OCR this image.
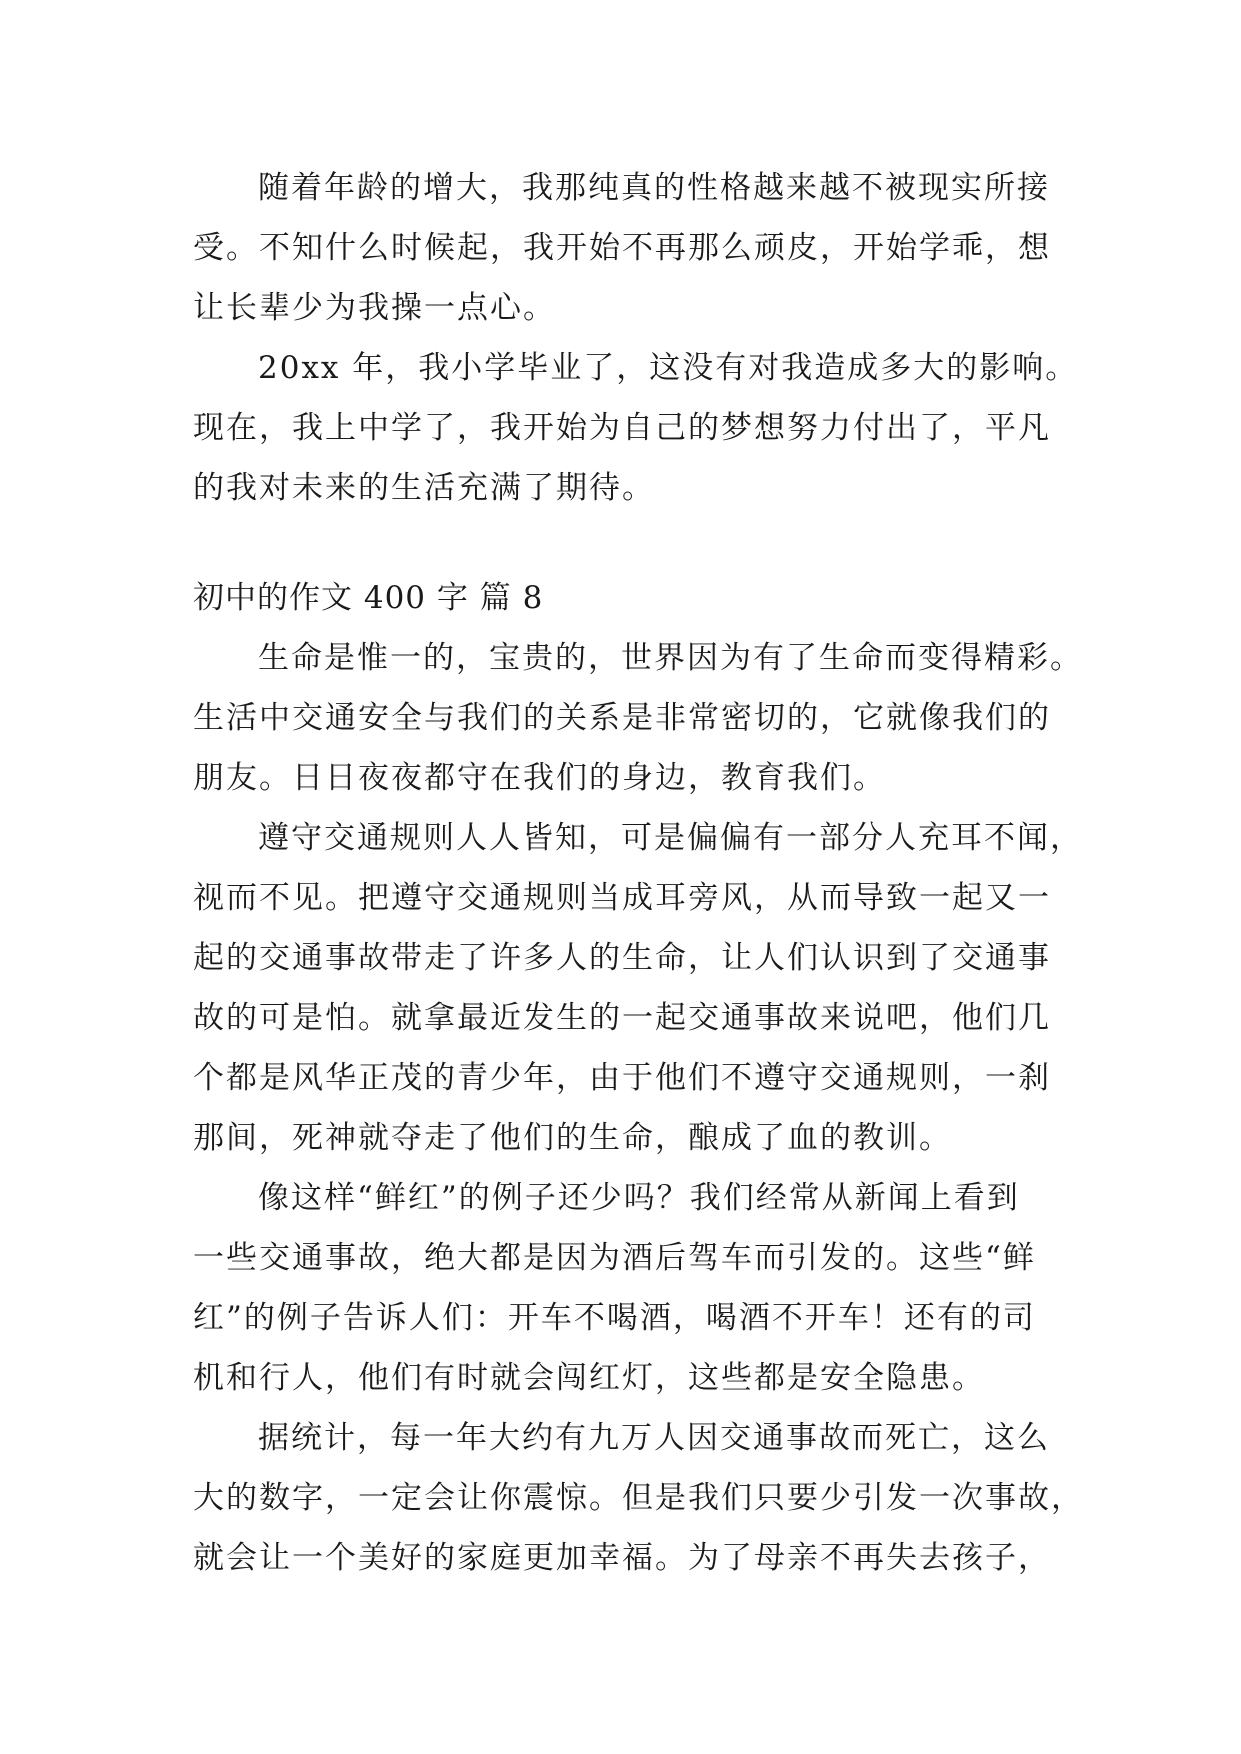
随着年龄的增大，我那纯真的性格越来越不被现实所接
受。不知什么时候起，我开始不再那么顽皮，开始学乖，想
让长辈少为我操一点心。
20xx 年，我小学毕业了，这没有对我造成多大的影响。
现在，我上中学了，我开始为自己的梦想努力付出了，平凡
的我对未来的生活充满了期待。
初中的作文 400 字 篇 8
生命是惟一的，宝贵的，世界因为有了生命而变得精彩。
生活中交通安全与我们的关系是非常密切的，它就像我们的
朋友。日日夜夜都守在我们的身边，教育我们。
遵守交通规则人人皆知，可是偏偏有一部分人充耳不闻，
视而不见。把遵守交通规则当成耳旁风，从而导致一起又一
起的交通事故带走了许多人的生命，让人们认识到了交通事
故的可是怕。就拿最近发生的一起交通事故来说吧，他们几
个都是风华正茂的青少年，由于他们不遵守交通规则，一刹
那间，死神就夺走了他们的生命，酿成了血的教训。
像这样“鲜红”的例子还少吗？我们经常从新闻上看到
一些交通事故，绝大都是因为酒后驾车而引发的。这些“鲜
红”的例子告诉人们：开车不喝酒，喝酒不开车！还有的司
机和行人，他们有时就会闯红灯，这些都是安全隐患。
据统计，每一年大约有九万人因交通事故而死亡，这么
大的数字，一定会让你震惊。但是我们只要少引发一次事故，
就会让一个美好的家庭更加幸福。为了母亲不再失去孩子，
